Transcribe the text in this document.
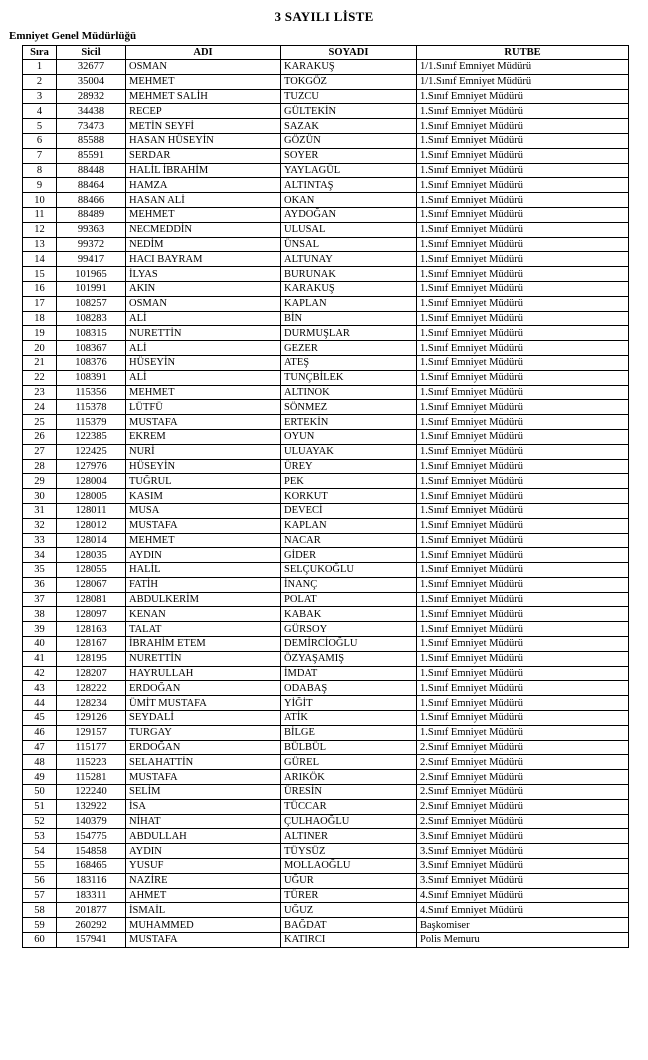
3 SAYILI LİSTE
Emniyet Genel Müdürlüğü
Sıra	Sicil	ADI	SOYADI	RUTBE
1	32677	OSMAN	KARAKUŞ	1/1.Sınıf Emniyet Müdürü
2	35004	MEHMET	TOKGÖZ	1/1.Sınıf Emniyet Müdürü
3	28932	MEHMET SALİH	TUZCU	1.Sınıf Emniyet Müdürü
4	34438	RECEP	GÜLTEKİN	1.Sınıf Emniyet Müdürü
5	73473	METİN SEYFİ	SAZAK	1.Sınıf Emniyet Müdürü
6	85588	HASAN HÜSEYİN	GÖZÜN	1.Sınıf Emniyet Müdürü
7	85591	SERDAR	SOYER	1.Sınıf Emniyet Müdürü
8	88448	HALİL İBRAHİM	YAYLAGÜL	1.Sınıf Emniyet Müdürü
9	88464	HAMZA	ALTINTAŞ	1.Sınıf Emniyet Müdürü
10	88466	HASAN ALİ	OKAN	1.Sınıf Emniyet Müdürü
11	88489	MEHMET	AYDOĞAN	1.Sınıf Emniyet Müdürü
12	99363	NECMEDDİN	ULUSAL	1.Sınıf Emniyet Müdürü
13	99372	NEDİM	ÜNSAL	1.Sınıf Emniyet Müdürü
14	99417	HACI BAYRAM	ALTUNAY	1.Sınıf Emniyet Müdürü
15	101965	İLYAS	BURUNAK	1.Sınıf Emniyet Müdürü
16	101991	AKIN	KARAKUŞ	1.Sınıf Emniyet Müdürü
17	108257	OSMAN	KAPLAN	1.Sınıf Emniyet Müdürü
18	108283	ALİ	BİN	1.Sınıf Emniyet Müdürü
19	108315	NURETTİN	DURMUŞLAR	1.Sınıf Emniyet Müdürü
20	108367	ALİ	GEZER	1.Sınıf Emniyet Müdürü
21	108376	HÜSEYİN	ATEŞ	1.Sınıf Emniyet Müdürü
22	108391	ALİ	TUNÇBİLEK	1.Sınıf Emniyet Müdürü
23	115356	MEHMET	ALTINOK	1.Sınıf Emniyet Müdürü
24	115378	LÜTFÜ	SÖNMEZ	1.Sınıf Emniyet Müdürü
25	115379	MUSTAFA	ERTEKİN	1.Sınıf Emniyet Müdürü
26	122385	EKREM	OYUN	1.Sınıf Emniyet Müdürü
27	122425	NURİ	ULUAYAK	1.Sınıf Emniyet Müdürü
28	127976	HÜSEYİN	ÜREY	1.Sınıf Emniyet Müdürü
29	128004	TUĞRUL	PEK	1.Sınıf Emniyet Müdürü
30	128005	KASIM	KORKUT	1.Sınıf Emniyet Müdürü
31	128011	MUSA	DEVECİ	1.Sınıf Emniyet Müdürü
32	128012	MUSTAFA	KAPLAN	1.Sınıf Emniyet Müdürü
33	128014	MEHMET	NACAR	1.Sınıf Emniyet Müdürü
34	128035	AYDIN	GİDER	1.Sınıf Emniyet Müdürü
35	128055	HALİL	SELÇUKOĞLU	1.Sınıf Emniyet Müdürü
36	128067	FATİH	İNANÇ	1.Sınıf Emniyet Müdürü
37	128081	ABDULKERİM	POLAT	1.Sınıf Emniyet Müdürü
38	128097	KENAN	KABAK	1.Sınıf Emniyet Müdürü
39	128163	TALAT	GÜRSOY	1.Sınıf Emniyet Müdürü
40	128167	İBRAHİM ETEM	DEMİRCİOĞLU	1.Sınıf Emniyet Müdürü
41	128195	NURETTİN	ÖZYAŞAMIŞ	1.Sınıf Emniyet Müdürü
42	128207	HAYRULLAH	İMDAT	1.Sınıf Emniyet Müdürü
43	128222	ERDOĞAN	ODABAŞ	1.Sınıf Emniyet Müdürü
44	128234	ÜMİT MUSTAFA	YİĞİT	1.Sınıf Emniyet Müdürü
45	129126	SEYDALİ	ATİK	1.Sınıf Emniyet Müdürü
46	129157	TURGAY	BİLGE	1.Sınıf Emniyet Müdürü
47	115177	ERDOĞAN	BÜLBÜL	2.Sınıf Emniyet Müdürü
48	115223	SELAHATTİN	GÜREL	2.Sınıf Emniyet Müdürü
49	115281	MUSTAFA	ARIKÖK	2.Sınıf Emniyet Müdürü
50	122240	SELİM	ÜRESİN	2.Sınıf Emniyet Müdürü
51	132922	İSA	TÜCCAR	2.Sınıf Emniyet Müdürü
52	140379	NİHAT	ÇULHAOĞLU	2.Sınıf Emniyet Müdürü
53	154775	ABDULLAH	ALTINER	3.Sınıf Emniyet Müdürü
54	154858	AYDIN	TÜYSÜZ	3.Sınıf Emniyet Müdürü
55	168465	YUSUF	MOLLAOĞLU	3.Sınıf Emniyet Müdürü
56	183116	NAZİRE	UĞUR	3.Sınıf Emniyet Müdürü
57	183311	AHMET	TÜRER	4.Sınıf Emniyet Müdürü
58	201877	İSMAİL	UĞUZ	4.Sınıf Emniyet Müdürü
59	260292	MUHAMMED	BAĞDAT	Başkomiser
60	157941	MUSTAFA	KATIRCI	Polis Memuru
